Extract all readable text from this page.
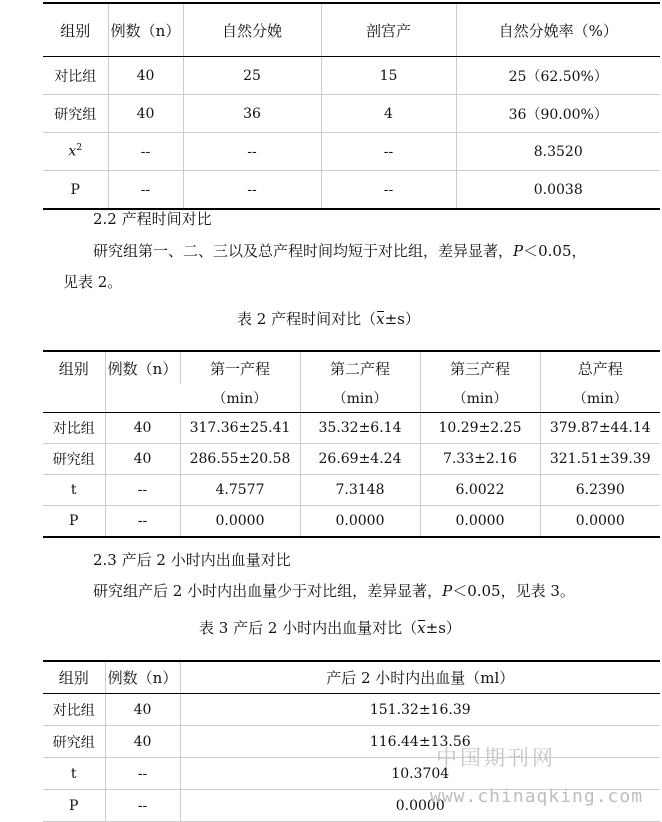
组别	例数（n）	自然分娩	剖宫产	自然分娩率（%）
对比组	40	25	15	25（62.50%）
研究组	40	36	4	36（90.00%）
$x^2$	--	--	--	8.3520
P	--	--	--	0.0038
2.2 产程时间对比
研究组第一、二、三以及总产程时间均短于对比组，差异显著，P＜0.05，
见表 2。
表 2 产程时间对比（x±s）
组别	例数（n）	第一产程	第二产程	第三产程	总产程
		（min）	（min）	（min）	（min）
对比组	40	317.36±25.41	35.32±6.14	10.29±2.25	379.87±44.14
研究组	40	286.55±20.58	26.69±4.24	7.33±2.16	321.51±39.39
t	--	4.7577	7.3148	6.0022	6.2390
P	--	0.0000	0.0000	0.0000	0.0000
2.3 产后 2 小时内出血量对比
研究组产后 2 小时内出血量少于对比组，差异显著，P＜0.05，见表 3。
表 3 产后 2 小时内出血量对比（x±s）
组别	例数（n）	产后 2 小时内出血量（ml）
对比组	40	151.32±16.39
研究组	40	116.44±13.56
t	--	10.3704
P	--	0.0000
中国期刊网
www.chinaqking.com
